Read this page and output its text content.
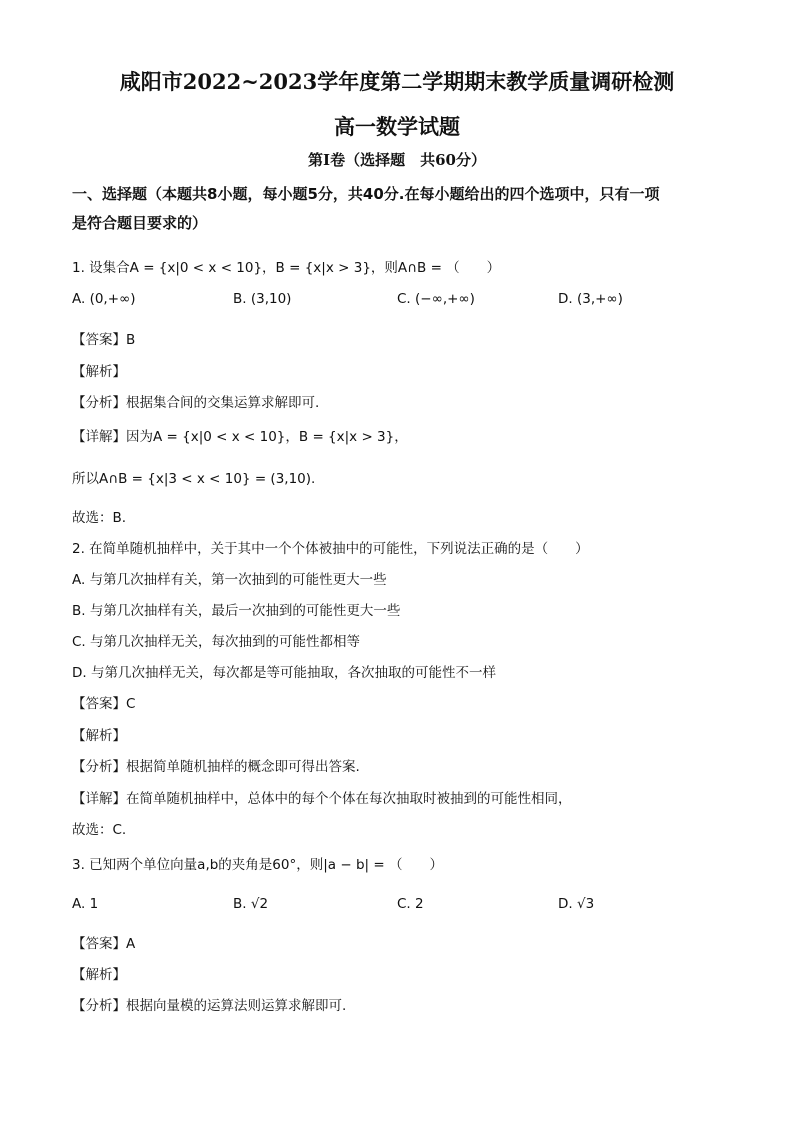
咸阳市2022~2023学年度第二学期期末教学质量调研检测
高一数学试题
第Ⅰ卷（选择题　共60分）
一、选择题（本题共8小题，每小题5分，共40分.在每小题给出的四个选项中，只有一项
是符合题目要求的）
1. 设集合A = {x|0 < x < 10}，B = {x|x > 3}，则A∩B = （　　）
A. (0,+∞)	B. (3,10)	C. (−∞,+∞)	D. (3,+∞)
【答案】B
【解析】
【分析】根据集合间的交集运算求解即可.
【详解】因为A = {x|0 < x < 10}，B = {x|x > 3}，
所以A∩B = {x|3 < x < 10} = (3,10).
故选：B.
2. 在简单随机抽样中，关于其中一个个体被抽中的可能性，下列说法正确的是（　　）
A. 与第几次抽样有关，第一次抽到的可能性更大一些
B. 与第几次抽样有关，最后一次抽到的可能性更大一些
C. 与第几次抽样无关，每次抽到的可能性都相等
D. 与第几次抽样无关，每次都是等可能抽取，各次抽取的可能性不一样
【答案】C
【解析】
【分析】根据简单随机抽样的概念即可得出答案.
【详解】在简单随机抽样中，总体中的每个个体在每次抽取时被抽到的可能性相同，
故选：C.
3. 已知两个单位向量a,b的夹角是60°，则|a − b| = （　　）
A. 1	B. √2	C. 2	D. √3
【答案】A
【解析】
【分析】根据向量模的运算法则运算求解即可.
